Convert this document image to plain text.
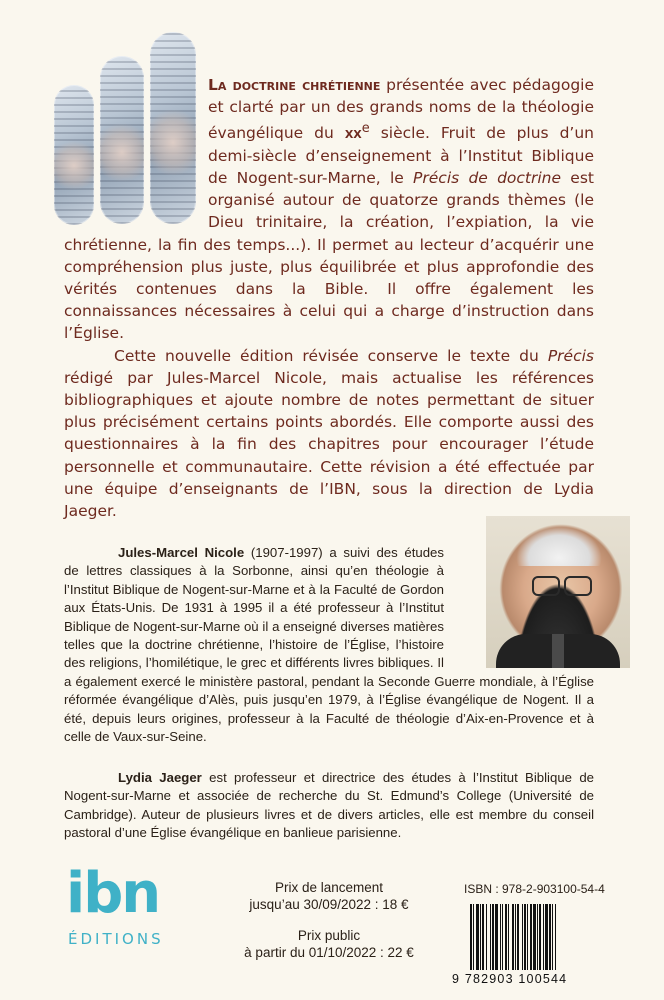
La doctrine chrétienne présentée avec pédagogie et clarté par un des grands noms de la théologie évangélique du $xx^e$ siècle. Fruit de plus d’un demi-siècle d’enseignement à l’Institut Biblique de Nogent-sur-Marne, le Précis de doctrine est organisé autour de quatorze grands thèmes (le Dieu trinitaire, la création, l’expiation, la vie chrétienne, la fin des temps...). Il permet au lecteur d’acquérir une compréhension plus juste, plus équilibrée et plus approfondie des vérités contenues dans la Bible. Il offre également les connaissances nécessaires à celui qui a charge d’instruction dans l’Église.

Cette nouvelle édition révisée conserve le texte du Précis rédigé par Jules-Marcel Nicole, mais actualise les références bibliographiques et ajoute nombre de notes permettant de situer plus précisément certains points abordés. Elle comporte aussi des questionnaires à la fin des chapitres pour encourager l’étude personnelle et communautaire. Cette révision a été effectuée par une équipe d’enseignants de l’IBN, sous la direction de Lydia Jaeger.

Jules-Marcel Nicole (1907-1997) a suivi des études de lettres classiques à la Sorbonne, ainsi qu’en théologie à l’Institut Biblique de Nogent-sur-Marne et à la Faculté de Gordon aux États-Unis. De 1931 à 1995 il a été professeur à l’Institut Biblique de Nogent-sur-Marne où il a enseigné diverses matières telles que la doctrine chrétienne, l’histoire de l’Église, l’histoire des religions, l’homilétique, le grec et différents livres bibliques. Il a également exercé le ministère pastoral, pendant la Seconde Guerre mondiale, à l’Église réformée évangélique d’Alès, puis jusqu’en 1979, à l’Église évangélique de Nogent. Il a été, depuis leurs origines, professeur à la Faculté de théologie d’Aix-en-Provence et à celle de Vaux-sur-Seine.

Lydia Jaeger est professeur et directrice des études à l’Institut Biblique de Nogent-sur-Marne et associée de recherche du St. Edmund’s College (Université de Cambridge). Auteur de plusieurs livres et de divers articles, elle est membre du conseil pastoral d’une Église évangélique en banlieue parisienne.

ibn
ÉDITIONS
Prix de lancement
jusqu’au 30/09/2022 : 18 €
Prix public
à partir du 01/10/2022 : 22 €
ISBN : 978-2-903100-54-4
9 782903 100544
